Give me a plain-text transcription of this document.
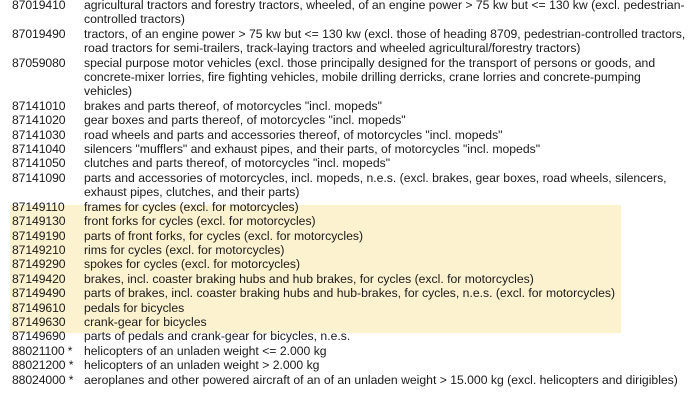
87019410	agricultural tractors and forestry tractors, wheeled, of an engine power > 75 kw but <= 130 kw (excl. pedestrian-controlled tractors)
87019490	tractors, of an engine power > 75 kw but <= 130 kw (excl. those of heading 8709, pedestrian-controlled tractors, road tractors for semi-trailers, track-laying tractors and wheeled agricultural/forestry tractors)
87059080	special purpose motor vehicles (excl. those principally designed for the transport of persons or goods, and concrete-mixer lorries, fire fighting vehicles, mobile drilling derricks, crane lorries and concrete-pumping vehicles)
87141010	brakes and parts thereof, of motorcycles "incl. mopeds"
87141020	gear boxes and parts thereof, of motorcycles "incl. mopeds"
87141030	road wheels and parts and accessories thereof, of motorcycles "incl. mopeds"
87141040	silencers "mufflers" and exhaust pipes, and their parts, of motorcycles "incl. mopeds"
87141050	clutches and parts thereof, of motorcycles "incl. mopeds"
87141090	parts and accessories of motorcycles, incl. mopeds, n.e.s. (excl. brakes, gear boxes, road wheels, silencers, exhaust pipes, clutches, and their parts)
87149110	frames for cycles (excl. for motorcycles)
87149130	front forks for cycles (excl. for motorcycles)
87149190	parts of front forks, for cycles (excl. for motorcycles)
87149210	rims for cycles (excl. for motorcycles)
87149290	spokes for cycles (excl. for motorcycles)
87149420	brakes, incl. coaster braking hubs and hub brakes, for cycles (excl. for motorcycles)
87149490	parts of brakes, incl. coaster braking hubs and hub-brakes, for cycles, n.e.s. (excl. for motorcycles)
87149610	pedals for bicycles
87149630	crank-gear for bicycles
87149690	parts of pedals and crank-gear for bicycles, n.e.s.
88021100 * helicopters of an unladen weight <= 2.000 kg
88021200 * helicopters of an unladen weight > 2.000 kg
88024000 * aeroplanes and other powered aircraft of an of an unladen weight > 15.000 kg (excl. helicopters and dirigibles)
